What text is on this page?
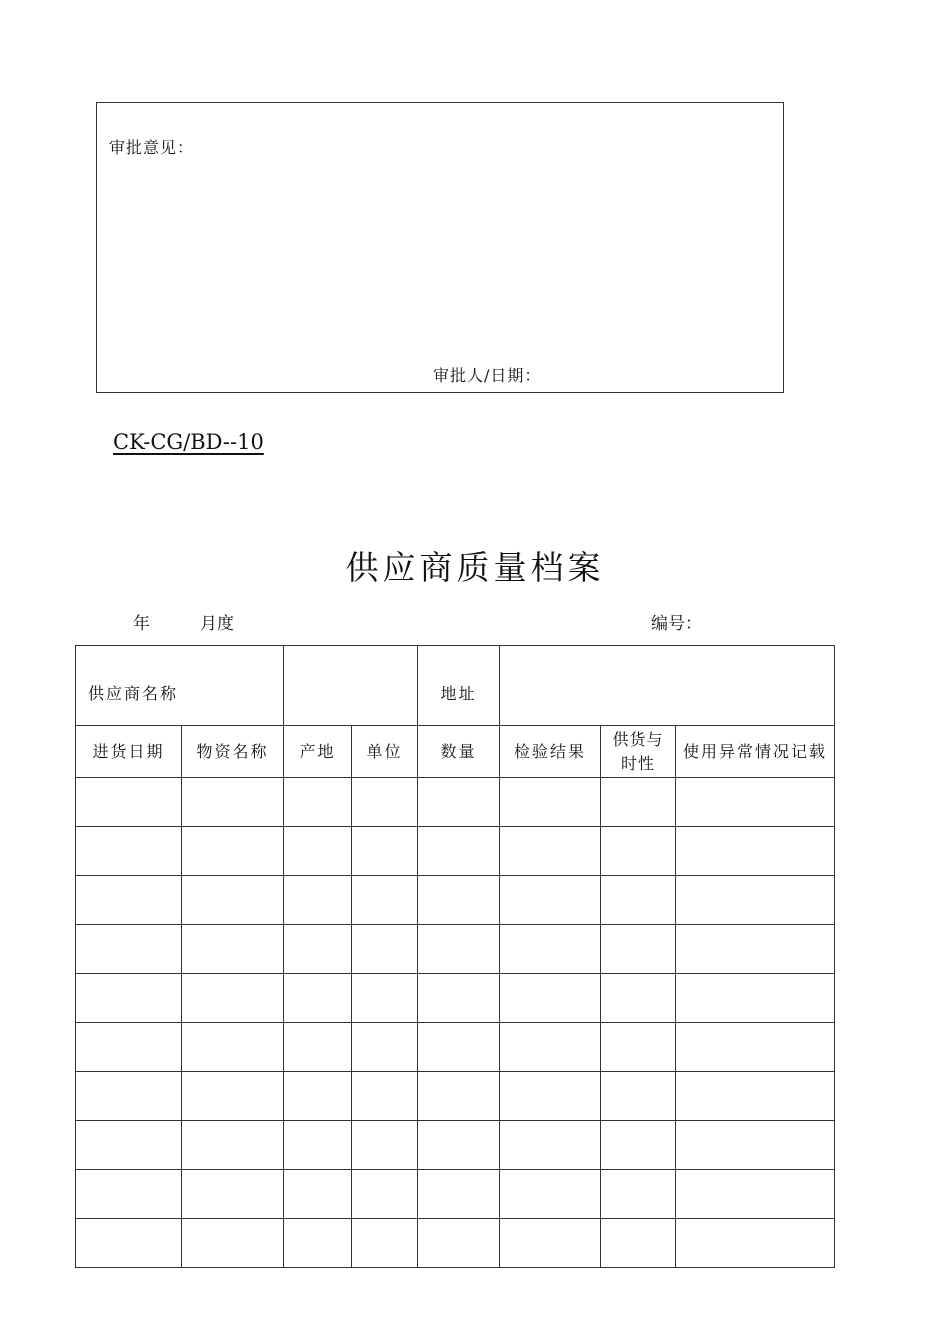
审批意见：
审批人/日期：
CK-CG/BD--10
供应商质量档案
年	月度	编号：
供应商名称				地址			
进货日期	物资名称	产地	单位	数量	检验结果	供货与时性	使用异常情况记载
